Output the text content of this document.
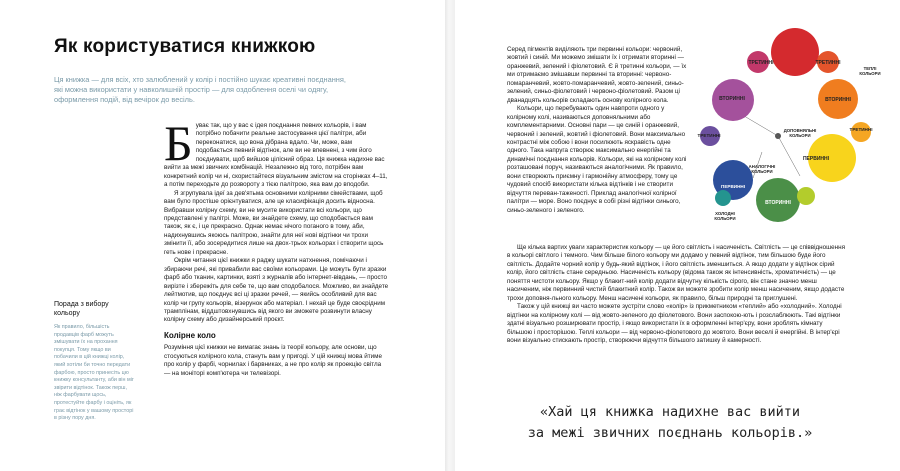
Як користуватися книжкою
Ця книжка — для всіх, хто залюблений у колір і постійно шукає креативні поєднання, які можна використати у навколишній простір — для оздоблення оселі чи одягу, оформлення подій, від вечірок до весіль.
Порада з вибору кольору
Як правило, більшість продавців фарб можуть змішувати їх на прохання покупця. Тому якщо ви побачили в цій книжці колір, який хотіли би точно передати фарбою, просто принесіть цю книжку консультанту, аби він міг звірити відтінок. Також перш, ніж фарбувати щось, протестуйте фарбу і оцініть, як грає відтінок у вашому просторі в різну пору дня.

Буває так, що у вас є ідея поєднання певних кольорів, і вам потрібно побачити реальне застосування цієї палітри, аби переконатися, що вона дібрана вдало. Чи, може, вам подобається певний відтінок, але ви не впевнені, з чим його поєднувати, щоб вийшов цілісний образ. Ця книжка надихне вас вийти за межі звичних комбінацій. Незалежно від того, потрібен вам конкретний колір чи ні, скористайтеся візуальним змістом на сторінках 4–11, а потім переходьте до розвороту з тією палітрою, яка вам до вподоби.

Я згрупувала ідеї за дев'ятьма основними колірними сімействами, щоб вам було простіше орієнтуватися, але це класифікація досить відносна. Вибравши колірну схему, ви не мусите використати всі кольори, що представлені у палітрі. Може, ви знайдете схему, що сподобається вам також, як є, і це прекрасно. Однак немає нічого поганого в тому, аби, надихнувшись якоюсь палітрою, знайти для неї нові відтінки чи трохи змінити її, або зосередитися лише на двох-трьох кольорах і створити щось геть нове і прекрасне.

Окрім читання цієї книжки я раджу шукати натхнення, помічаючи і збираючи речі, які привабили вас своїми кольорами. Це можуть бути зразки фарб або тканин, картинки, взяті з журналів або інтернет-вівдань, — просто вирізте і збережіть для себе те, що вам сподобалося. Можливо, ви знайдете лейтмотив, що поєднує всі ці зразки речей, — якийсь особливий для вас колір чи групу кольорів, візерунок або матеріал. І нехай це буде своєрідним трамплінам, віддштовхнувшись від якого ви зможете розвинути власну колірну схему або дизайнерський проєкт.

Колірне коло

Розуміння цієї книжки не вимагає знань із теорії кольору, але основи, що стосуються колірного кола, стануть вам у пригоді. У цій книжці мова йтиме про колір у фарбі, чорнилах і барвниках, а не про колір як проекцію світла — на моніторі комп'ютера чи телевізорі.

Серед пігментів виділяють три первинні кольори: червоний, жовтий і синій. Ми можемо змішати їх і отримати вторинні — оранжевий, зелений і фіолетовий. Є й третинні кольори, — їх ми отримаємо змішавши первинні та вторинні: червоно-помаранчевий, жовто-помаранчевий, жовто-зелений, синьо-зелений, синьо-фіолетовий і червоно-фіолетовий. Разом ці дванадцять кольорів складають основу колірного кола.

Кольори, що перебувають один навпроти одного у колірному колі, називаються доповняльними або комплементарними. Основні пари — це синій і оранжевий, червоний і зелений, жовтий і фіолетовий. Вони максимально контрастні між собою і вони посилюють яскравість одне одного. Така напруга створює максимально енергійні та динамічні поєднання кольорів. Кольори, які на колірному колі розташовані поруч, називаються аналогічними. Як правило, вони створюють приємну і гармонійну атмосферу, тому це чудовий спосіб використати кілька відтінків і не створити відчуття переван-таженості. Приклад аналогічної колірної палітри — море. Воно поєднує в собі різні відтінки синього, синьо-зеленого і зеленого.

Ще кілька вартих уваги характеристик кольору — це його світлість і насиченість. Світлість — це співвідношення в кольорі світлого і темного. Чим більше білого кольору ми додамо у певний відтінок, тим більшою буде його світлість. Додайте чорний колір у будь-який відтінок, і його світлість зменшиться. А якщо додати у відтінок сірий колір, його світлість стане середньою. Насиченість кольору (відома також як інтенсивність, хроматичність) — це поняття чистоти кольору. Якщо у блакит-ний колір додати відчутну кількість сірого, він стане значно менш насиченим, ніж первинний чистий блакитний колір. Також ви можете зробити колір менш насиченим, якщо додасте трохи доповня-льного кольору. Менш насичені кольори, як правило, більш природні та приглушені.

Також у цій книжці ви часто можете зустріти слово «колір» із прикметником «теплий» або «холодний». Холодні відтінки на колірному колі — від жовто-зеленого до фіолетового. Вони заспокою-ють і розслаблюють. Такі відтінки здатні візуально розширювати простір, і якщо використати їх в оформленні інтер'єру, вони зроблять кімнату більшою і просторішою. Теплі кольори — від червоно-фіолетового до жовтого. Вони веселі й енергійні. В інтер'єрі вони візуально стискають простір, створюючи відчуття більшого затишку й камерності.

ТРЕТИННІ	ТРЕТИННІ
ВТОРИННІ	ВТОРИННІ
ТРЕТИННІ
ТРЕТИННІ
ПЕРВИННІ
ВТОРИННІ
ПЕРВИННІ
ТЕПЛІ КОЛЬОРИ
ДОПОВНЯЛЬНІ КОЛЬОРИ
АНАЛОГІЧНІ КОЛЬОРИ
ХОЛОДНІ КОЛЬОРИ
«Хай ця книжка надихне вас вийти
за межі звичних поєднань кольорів.»
